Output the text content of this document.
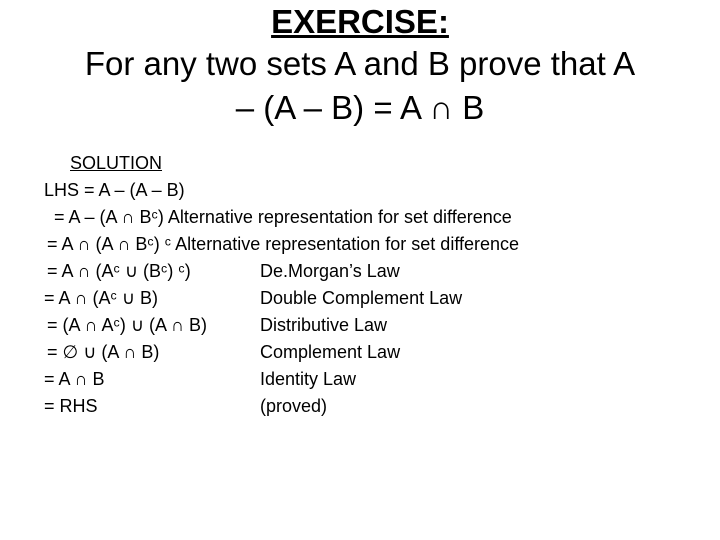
EXERCISE:
For any two sets A and B prove that A
– (A – B) = A ∩ B
SOLUTION
LHS = A – (A – B)
= A – (A ∩ Bᶜ) Alternative representation for set difference
= A ∩ (A ∩ Bᶜ) ᶜ Alternative representation for set difference
= A ∩ (Aᶜ ∪ (Bᶜ) ᶜ)	De.Morgan’s Law
= A ∩ (Aᶜ ∪ B)	Double Complement Law
= (A ∩ Aᶜ) ∪ (A ∩ B)	Distributive Law
= ∅ ∪ (A ∩ B)	Complement Law
= A ∩ B	Identity Law
= RHS	(proved)
